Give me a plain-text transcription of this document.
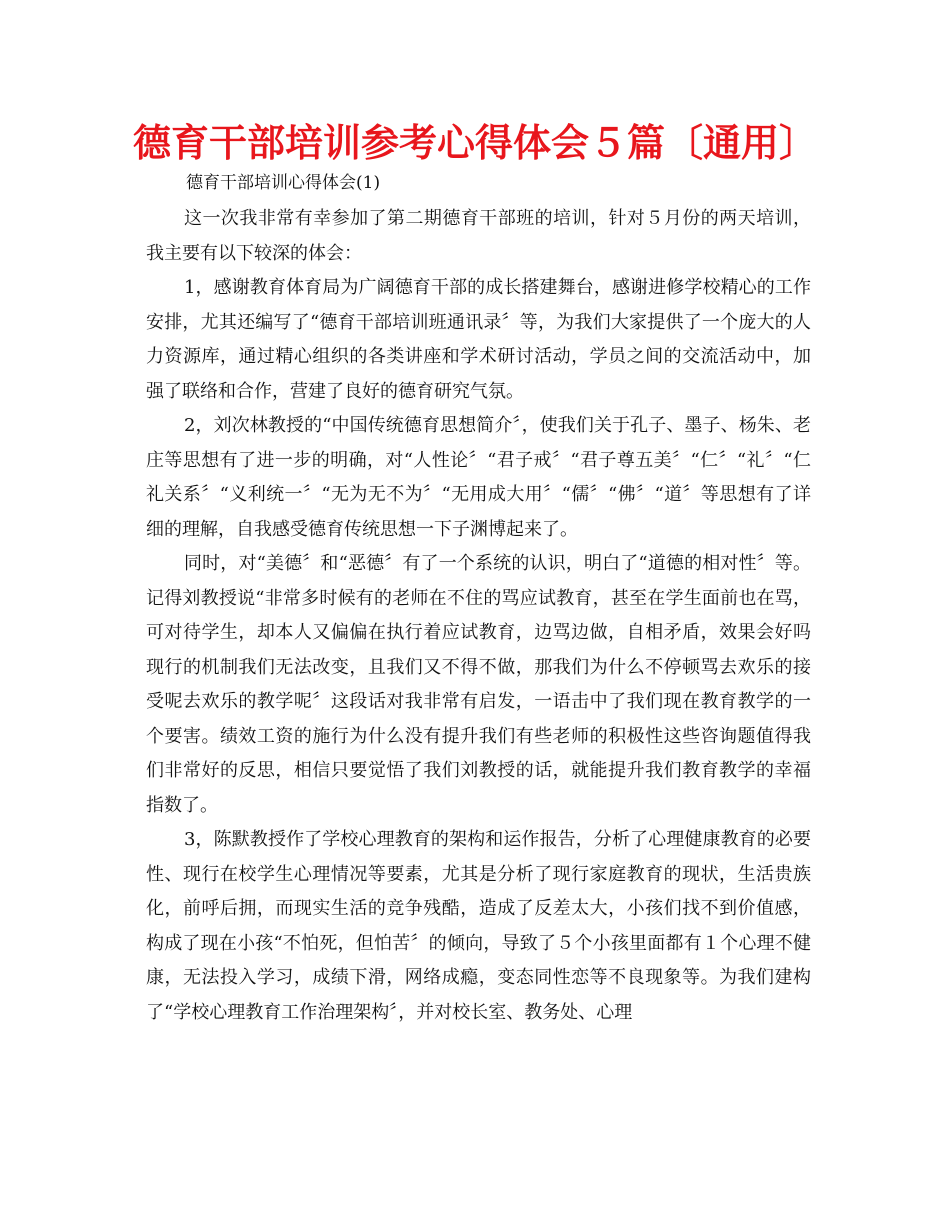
德育干部培训参考心得体会５篇〔通用〕

德育干部培训心得体会(1)

这一次我非常有幸参加了第二期德育干部班的培训，针对５月份的两天培训，我主要有以下较深的体会：

1，感谢教育体育局为广阔德育干部的成长搭建舞台，感谢进修学校精心的工作安排，尤其还编写了“德育干部培训班通讯录〞等，为我们大家提供了一个庞大的人力资源库，通过精心组织的各类讲座和学术研讨活动，学员之间的交流活动中，加强了联络和合作，营建了良好的德育研究气氛。

2，刘次林教授的“中国传统德育思想简介〞，使我们关于孔子、墨子、杨朱、老庄等思想有了进一步的明确，对“人性论〞“君子戒〞“君子尊五美〞“仁〞“礼〞“仁礼关系〞“义利统一〞“无为无不为〞“无用成大用〞“儒〞“佛〞“道〞等思想有了详细的理解，自我感受德育传统思想一下子渊博起来了。

同时，对“美德〞和“恶德〞有了一个系统的认识，明白了“道德的相对性〞等。记得刘教授说“非常多时候有的老师在不住的骂应试教育，甚至在学生面前也在骂，可对待学生，却本人又偏偏在执行着应试教育，边骂边做，自相矛盾，效果会好吗现行的机制我们无法改变，且我们又不得不做，那我们为什么不停顿骂去欢乐的接受呢去欢乐的教学呢〞这段话对我非常有启发，一语击中了我们现在教育教学的一个要害。绩效工资的施行为什么没有提升我们有些老师的积极性这些咨询题值得我们非常好的反思，相信只要觉悟了我们刘教授的话，就能提升我们教育教学的幸福指数了。

3，陈默教授作了学校心理教育的架构和运作报告，分析了心理健康教育的必要性、现行在校学生心理情况等要素，尤其是分析了现行家庭教育的现状，生活贵族化，前呼后拥，而现实生活的竞争残酷，造成了反差太大，小孩们找不到价值感，构成了现在小孩“不怕死，但怕苦〞的倾向，导致了５个小孩里面都有１个心理不健康，无法投入学习，成绩下滑，网络成瘾，变态同性恋等不良现象等。为我们建构了“学校心理教育工作治理架构〞，并对校长室、教务处、心理
